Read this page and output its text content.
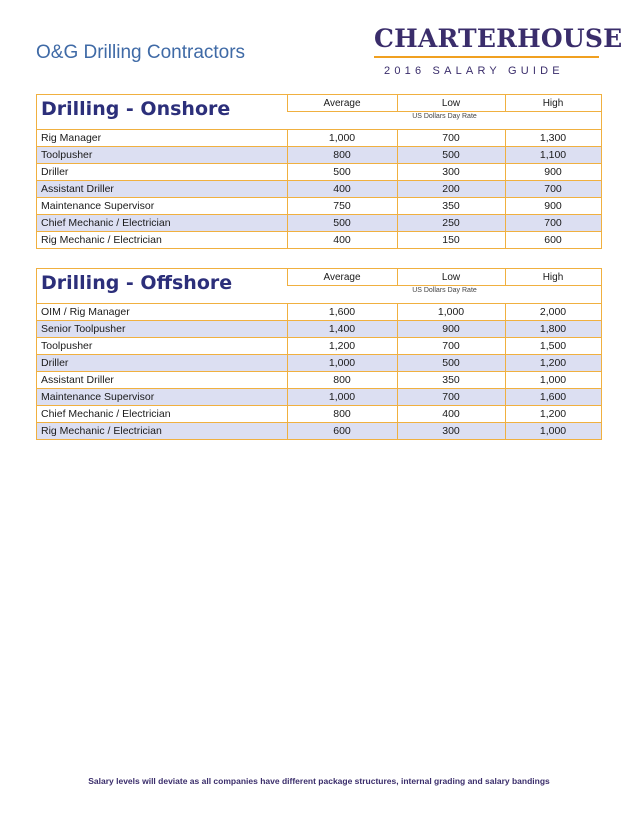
O&G Drilling Contractors	CHARTERHOUSE
2016 SALARY GUIDE
Drilling - Onshore	Average	Low	High
US Dollars Day Rate
Rig Manager	1,000	700	1,300
Toolpusher	800	500	1,100
Driller	500	300	900
Assistant Driller	400	200	700
Maintenance Supervisor	750	350	900
Chief Mechanic / Electrician	500	250	700
Rig Mechanic / Electrician	400	150	600
Drilling - Offshore	Average	Low	High
US Dollars Day Rate
OIM / Rig Manager	1,600	1,000	2,000
Senior Toolpusher	1,400	900	1,800
Toolpusher	1,200	700	1,500
Driller	1,000	500	1,200
Assistant Driller	800	350	1,000
Maintenance Supervisor	1,000	700	1,600
Chief Mechanic / Electrician	800	400	1,200
Rig Mechanic / Electrician	600	300	1,000
Salary levels will deviate as all companies have different package structures, internal grading and salary bandings
